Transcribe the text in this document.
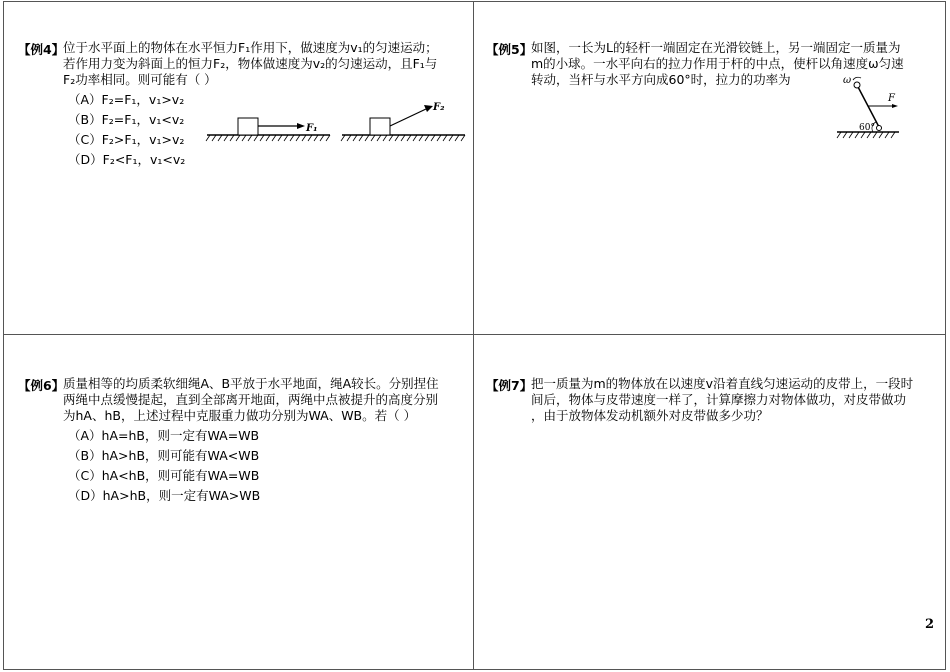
【例4】
位于水平面上的物体在水平恒力F₁作用下，做速度为v₁的匀速运动；
若作用力变为斜面上的恒力F₂，物体做速度为v₂的匀速运动，且F₁与
F₂功率相同。则可能有（ ）
（A）F₂=F₁，v₁>v₂
（B）F₂=F₁，v₁<v₂
（C）F₂>F₁，v₁>v₂
（D）F₂<F₁，v₁<v₂
F₁
F₂
【例5】
如图，一长为L的轻杆一端固定在光滑铰链上，另一端固定一质量为
m的小球。一水平向右的拉力作用于杆的中点，使杆以角速度ω匀速
转动，当杆与水平方向成60°时，拉力的功率为	ω
F
60°
【例6】
质量相等的均质柔软细绳A、B平放于水平地面，绳A较长。分别捏住
两绳中点缓慢提起，直到全部离开地面，两绳中点被提升的高度分别
为hA、hB，上述过程中克服重力做功分别为WA、WB。若（ ）
（A）hA=hB，则一定有WA=WB
（B）hA>hB，则可能有WA<WB
（C）hA<hB，则可能有WA=WB
（D）hA>hB，则一定有WA>WB
【例7】
把一质量为m的物体放在以速度v沿着直线匀速运动的皮带上，一段时
间后，物体与皮带速度一样了，计算摩擦力对物体做功，对皮带做功
，由于放物体发动机额外对皮带做多少功？
2
